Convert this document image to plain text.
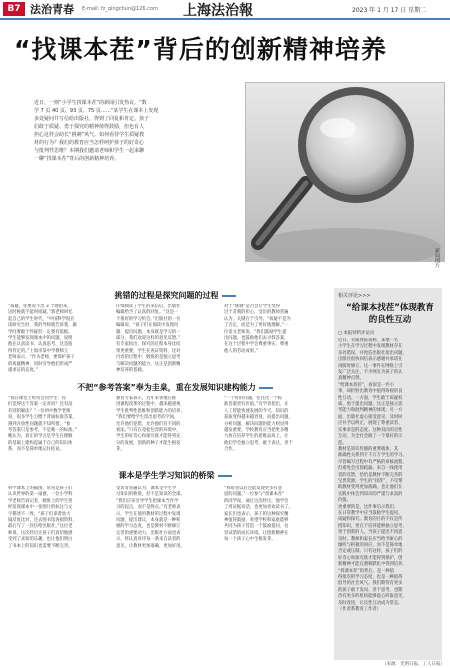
B7 法治青春 E-mail: fz_qingchun@126.com 上海法治報	2023 年 1 月 17 日 星期二
“找课本茬”背后的创新精神培养
近日，一则“小学生找课本茬”的新闻引发热议。“数
学 7 页 40 页、93 页、75 页……”某学生在课本上发现
多处疑问并写信给出版社，得到了回复和肯定。孩子
们敢于质疑、勇于探究的精神值得鼓励，但也有人
担心这样会助长“挑刺”风气。如何看待学生质疑教
材的行为？我们的教育应当怎样呵护孩子的好奇心
与批判性思维？本期我们邀请老师和学生一起来聊
一聊“找课本茬”背后的创新精神培养。
新闻图片
挑错的过程是探究问题的过程

“质疑，你要说不出 3 个理由来，

这时候就不能叫质疑。”郭老师回忆

起自己的学生时代，“中国科学院在

读研究生时，我的导师就告诉我，做

学问要敢于怀疑但一定要有依据。

学生能够发现课本中的问题，说明

他在认真读书、认真思考，这是值

得肯定的。”上海市某中学教师王

老师表示，“作为老师，要保护孩子

的质疑精神，同时引导他们形成严

谨求证的态度。”

仔细阅读了学生的来信后，出版社

编辑给予了认真的回复。“这是一

个很好的学习机会。”出版社的一位

编辑说，“孩子们在阅读中发现问

题、提出问题，本身就是学习的一

部分，我们欢迎这样的意见反馈。”

有专家指出，探究的过程本身比结

果更重要，学生在查证资料、比对

内容的过程中，锻炼的是独立思考

与解决问题的能力，这正是创新精

神培养的基础。

对于“挑刺”是否会让学生变得

过于苛刻的担心，受访的教师普遍

认为，关键在于引导。“质疑不是为

了否定，而是为了更好地理解。”一

位语文老师说，“我们鼓励学生提

出问题，也鼓励他们去寻找答案，

在这个过程中学会尊重事实、尊重

他人的劳动成果。”

不把“参考答案”奉为圭臬，重在发展知识建构能力

“我在课堂上经常会问学生：你

们觉得这个答案一定对吗？还有没

有别的解法？”一位初中数学老师

说，很多学生习惯于背诵标准答案，

遇到开放性问题就不知所措，“参

考答案只是参考，不是唯一的标准。”

她认为，真正的学习是学生在理解

的基础上建构起属于自己的知识体

系，而不是简单地记住结论。

教育专家表示，近年来各地在推

进课程改革的过程中，越来越重视

学生批判性思维和创新能力的培养。

“我们要给学生留出思考的空间，

允许他们犯错，允许他们有不同的

看法。”只有在宽松包容的环境中，

学生的好奇心和探究欲才能得到充

分的发展，创新的种子才能生根发

芽。

“一个好的问题，往往比一个标

准答案更有价值。”有学者指出，在

人工智能快速发展的今天，知识的

获取变得越来越容易，而提出问题、

分析问题、解决问题的能力则显得

越发重要。学校教育应当把更多精

力放在培养学生的思维品质上，让

他们学会独立思考、敢于表达、善于

合作。

课本是学生学习知识的桥梁

科学课本上的插图，常常是孩子们

认识世界的第一扇窗。一位小学科

学老师告诉记者，她班上的学生曾

经发现课本中一张图片的标注与文

字描述不一致，“孩子们拿着放大

镜反复比对，还去图书馆查阅资料，

最后写了一封信给出版社。”这位老

师说，这次经历让孩子们真切地感

受到了求知的乐趣，也让他们明白

了书本上的知识也需要不断完善。

受访者普遍认为，课本是学生学

习知识的桥梁，但不是知识的全部。

“我们应该引导学生把课本当作学

习的起点，而不是终点。”有老师表

示，学生在使用教材的过程中发现

问题、提出建议，本身就是一种积

极的学习态度，也是教材不断修订

完善的重要动力。出版社方面也表

示，将认真对待每一条来自读者的

意见，让教材更加准确、更加好用。

“我希望以后还能发现更多有意

思的问题。”一位参与“找课本茬”

的同学说，通过这次经历，他学会

了用证据说话，也更加喜欢读书了。

家长们也表示，孩子的这种探究精

神值得鼓励，希望学校和家庭能够

共同为孩子营造一个鼓励提问、包

容试错的成长环境，让创新精神在

每一个孩子心中生根发芽。

相关评论>>>
“给课本找茬”体现教育的良性互动
□ 本报特约评论员

近日，有媒体报道称，某地一名

小学生在学习过程中发现教材存在

多处错误，并致信出版社指出问题，

出版社很快回信表示感谢并承诺在

再版时修订。这一事件在网络上引

发广泛关注，不少网友为孩子的认

真精神点赞。

“给课本找茬”，看似是一件小

事，却折射出教育中值得珍视的良

性互动。一方面，学生敢于质疑权

威、勇于提出问题，这正是独立思

考能力和批判精神的体现；另一方

面，出版社虚心接受意见、及时回

应并予以纠正，展现了尊重读者、

实事求是的态度。这种双向的良性

互动，为全社会做了一个很好的示

范。

教材是知识传播的重要载体，其

准确性关系到千千万万学生的学习。

尽管编写过程中有严格的审核流程，

但难免会出现疏漏。来自一线使用

者的反馈，恰恰是教材不断完善的

宝贵资源。学生的“找茬”，不仅帮

助教材变得更加准确，也让他们在

实践中体会到知识的严谨与求真的

价值。

更重要的是，这件事启示我们，

在日常教学中应当鼓励学生提问、

质疑和探究。教育的目的不仅是传

授知识，更在于培养能够独立思考、

勇于创新的人。当孩子提出不同意

见时，教师和家长应当给予耐心的

倾听与积极的回应，而不是简单地

否定或压制。只有这样，孩子们的

好奇心和探究欲才能得到保护，创

新精神才能在潜移默化中得到培养。

“找课本茬”的背后，是一种值

得推崇的学习态度，也是一种值得

倡导的社会风气。我们期待有更多

的孩子敢于发问、善于思考，也期

待有更多的机构能够虚心听取意见、

及时改进，让良性互动成为常态。

（作者系教育工作者）

（来源：光明日报、工人日报）
